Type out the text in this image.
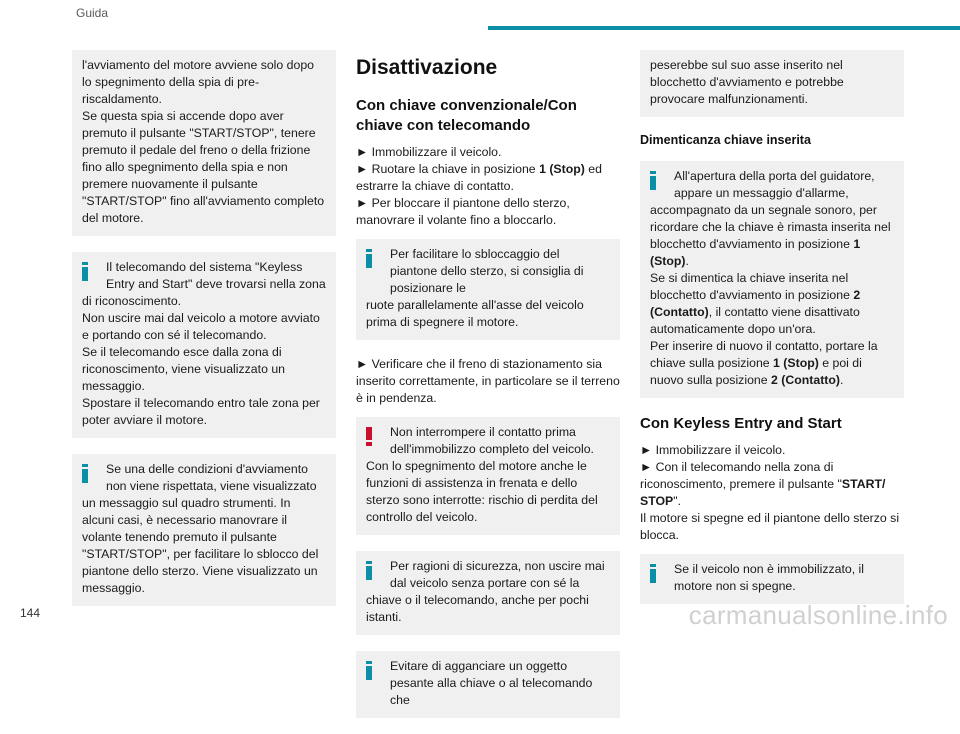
Guida

l'avviamento del motore avviene solo dopo lo spegnimento della spia di pre-riscaldamento.
Se questa spia si accende dopo aver premuto il pulsante "START/STOP", tenere premuto il pedale del freno o della frizione fino allo spegnimento della spia e non premere nuovamente il pulsante "START/STOP" fino all'avviamento completo del motore.

Il telecomando del sistema "Keyless Entry and Start" deve trovarsi nella zona

di riconoscimento.
Non uscire mai dal veicolo a motore avviato e portando con sé il telecomando.
Se il telecomando esce dalla zona di riconoscimento, viene visualizzato un messaggio.
Spostare il telecomando entro tale zona per poter avviare il motore.

Se una delle condizioni d'avviamento non viene rispettata, viene visualizzato

un messaggio sul quadro strumenti. In alcuni casi, è necessario manovrare il volante tenendo premuto il pulsante "START/STOP", per facilitare lo sblocco del piantone dello sterzo. Viene visualizzato un messaggio.

Disattivazione
Con chiave convenzionale/Con chiave con telecomando
► Immobilizzare il veicolo.
► Ruotare la chiave in posizione 1 (Stop) ed estrarre la chiave di contatto.
► Per bloccare il piantone dello sterzo, manovrare il volante fino a bloccarlo.
Per facilitare lo sbloccaggio del piantone dello sterzo, si consiglia di posizionare le

ruote parallelamente all'asse del veicolo prima di spegnere il motore.

► Verificare che il freno di stazionamento sia inserito correttamente, in particolare se il terreno è in pendenza.
Non interrompere il contatto prima dell'immobilizzo completo del veicolo.

Con lo spegnimento del motore anche le funzioni di assistenza in frenata e dello sterzo sono interrotte: rischio di perdita del controllo del veicolo.

Per ragioni di sicurezza, non uscire mai dal veicolo senza portare con sé la

chiave o il telecomando, anche per pochi istanti.

Evitare di agganciare un oggetto pesante alla chiave o al telecomando che

peserebbe sul suo asse inserito nel blocchetto d'avviamento e potrebbe provocare malfunzionamenti.

Dimenticanza chiave inserita
All'apertura della porta del guidatore, appare un messaggio d'allarme,

accompagnato da un segnale sonoro, per ricordare che la chiave è rimasta inserita nel blocchetto d'avviamento in posizione 1 (Stop).
Se si dimentica la chiave inserita nel blocchetto d'avviamento in posizione 2 (Contatto), il contatto viene disattivato automaticamente dopo un'ora.
Per inserire di nuovo il contatto, portare la chiave sulla posizione 1 (Stop) e poi di nuovo sulla posizione 2 (Contatto).

Con Keyless Entry and Start
► Immobilizzare il veicolo.
► Con il telecomando nella zona di riconoscimento, premere il pulsante "START/ STOP".
Il motore si spegne ed il piantone dello sterzo si blocca.
Se il veicolo non è immobilizzato, il motore non si spegne.
144	carmanualsonline.info
